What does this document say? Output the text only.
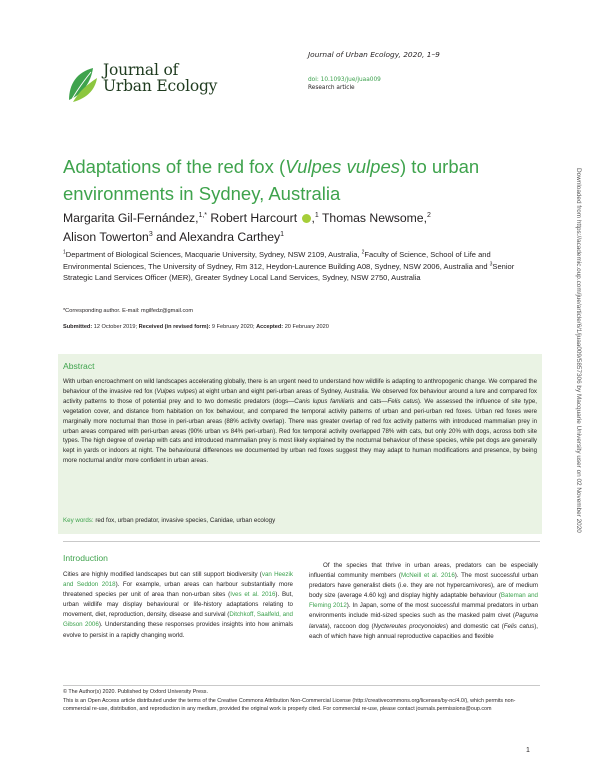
Journal of
Urban Ecology
Journal of Urban Ecology, 2020, 1–9
doi: 10.1093/jue/juaa009
Research article
Adaptations of the red fox (Vulpes vulpes) to urban environments in Sydney, Australia
Margarita Gil-Fernández,$^{1,*}$ Robert Harcourt ,$^1$ Thomas Newsome,$^2$
Alison Towerton$^3$ and Alexandra Carthey$^1$
$^1$Department of Biological Sciences, Macquarie University, Sydney, NSW 2109, Australia, $^2$Faculty of Science, School of Life and Environmental Sciences, The University of Sydney, Rm 312, Heydon-Laurence Building A08, Sydney, NSW 2006, Australia and $^3$Senior Strategic Land Services Officer (MER), Greater Sydney Local Land Services, Sydney, NSW 2750, Australia
*Corresponding author. E-mail: mgilfedz@gmail.com
Submitted: 12 October 2019; Received (in revised form): 9 February 2020; Accepted: 20 February 2020
Abstract
With urban encroachment on wild landscapes accelerating globally, there is an urgent need to understand how wildlife is adapting to anthropogenic change. We compared the behaviour of the invasive red fox (Vulpes vulpes) at eight urban and eight peri-urban areas of Sydney, Australia. We observed fox behaviour around a lure and compared fox activity patterns to those of potential prey and to two domestic predators (dogs—Canis lupus familiaris and cats—Felis catus). We assessed the influence of site type, vegetation cover, and distance from habitation on fox behaviour, and compared the temporal activity patterns of urban and peri-urban red foxes. Urban red foxes were marginally more nocturnal than those in peri-urban areas (88% activity overlap). There was greater overlap of red fox activity patterns with introduced mammalian prey in urban areas compared with peri-urban areas (90% urban vs 84% peri-urban). Red fox temporal activity overlapped 78% with cats, but only 20% with dogs, across both site types. The high degree of overlap with cats and introduced mammalian prey is most likely explained by the nocturnal behaviour of these species, while pet dogs are generally kept in yards or indoors at night. The behavioural differences we documented by urban red foxes suggest they may adapt to human modifications and presence, by being more nocturnal and/or more confident in urban areas.
Key words: red fox, urban predator, invasive species, Canidae, urban ecology
Introduction
Cities are highly modified landscapes but can still support biodiversity (van Heezik and Seddon 2018). For example, urban areas can harbour substantially more threatened species per unit of area than non-urban sites (Ives et al. 2016). But, urban wildlife may display behavioural or life-history adaptations relating to movement, diet, reproduction, density, disease and survival (Ditchkoff, Saalfeld, and Gibson 2006). Understanding these responses provides insights into how animals evolve to persist in a rapidly changing world.

Of the species that thrive in urban areas, predators can be especially influential community members (McNeill et al. 2016). The most successful urban predators have generalist diets (i.e. they are not hypercarnivores), are of medium body size (average 4.60 kg) and display highly adaptable behaviour (Bateman and Fleming 2012). In Japan, some of the most successful mammal predators in urban environments include mid-sized species such as the masked palm civet (Paguma larvata), raccoon dog (Nyctereutes procyonoides) and domestic cat (Felis catus), each of which have high annual reproductive capacities and flexible

© The Author(s) 2020. Published by Oxford University Press.
This is an Open Access article distributed under the terms of the Creative Commons Attribution Non-Commercial License (http://creativecommons.org/licenses/by-nc/4.0/), which permits non-commercial re-use, distribution, and reproduction in any medium, provided the original work is properly cited. For commercial re-use, please contact journals.permissions@oup.com
1
Downloaded from https://academic.oup.com/jue/article/6/1/juaa009/5857306 by Macquarie University user on 02 November 2020
